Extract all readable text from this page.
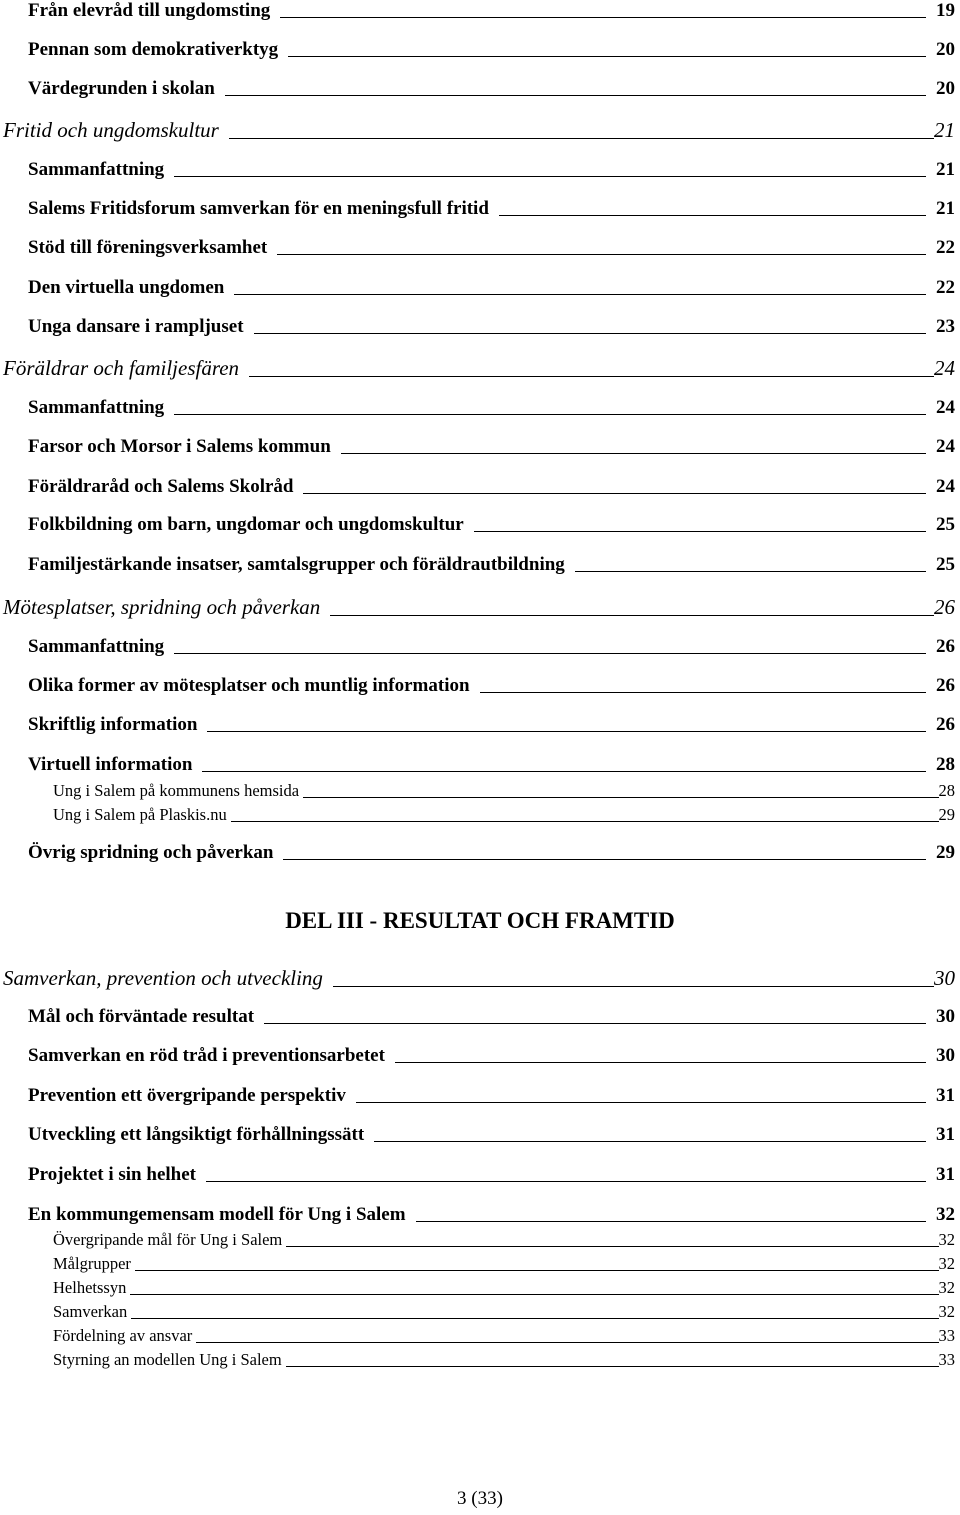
Från elevråd till ungdomsting	19
Pennan som demokrativerktyg	20
Värdegrunden i skolan	20
Fritid och ungdomskultur	21
Sammanfattning	21
Salems Fritidsforum samverkan för en meningsfull fritid	21
Stöd till föreningsverksamhet	22
Den virtuella ungdomen	22
Unga dansare i rampljuset	23
Föräldrar och familjesfären	24
Sammanfattning	24
Farsor och Morsor i Salems kommun	24
Föräldraråd och Salems Skolråd	24
Folkbildning om barn, ungdomar och ungdomskultur	25
Familjestärkande insatser, samtalsgrupper och föräldrautbildning	25
Mötesplatser, spridning och påverkan	26
Sammanfattning	26
Olika former av mötesplatser och muntlig information	26
Skriftlig information	26
Virtuell information	28
Ung i Salem på kommunens hemsida	28
Ung i Salem på Plaskis.nu	29
Övrig spridning och påverkan	29
Samverkan, prevention och utveckling	30
Mål och förväntade resultat	30
Samverkan en röd tråd i preventionsarbetet	30
Prevention ett övergripande perspektiv	31
Utveckling ett långsiktigt förhållningssätt	31
Projektet i sin helhet	31
En kommungemensam modell för Ung i Salem	32
Övergripande mål för Ung i Salem	32
Målgrupper	32
Helhetssyn	32
Samverkan	32
Fördelning av ansvar	33
Styrning an modellen Ung i Salem	33
DEL III - RESULTAT OCH FRAMTID
3 (33)
